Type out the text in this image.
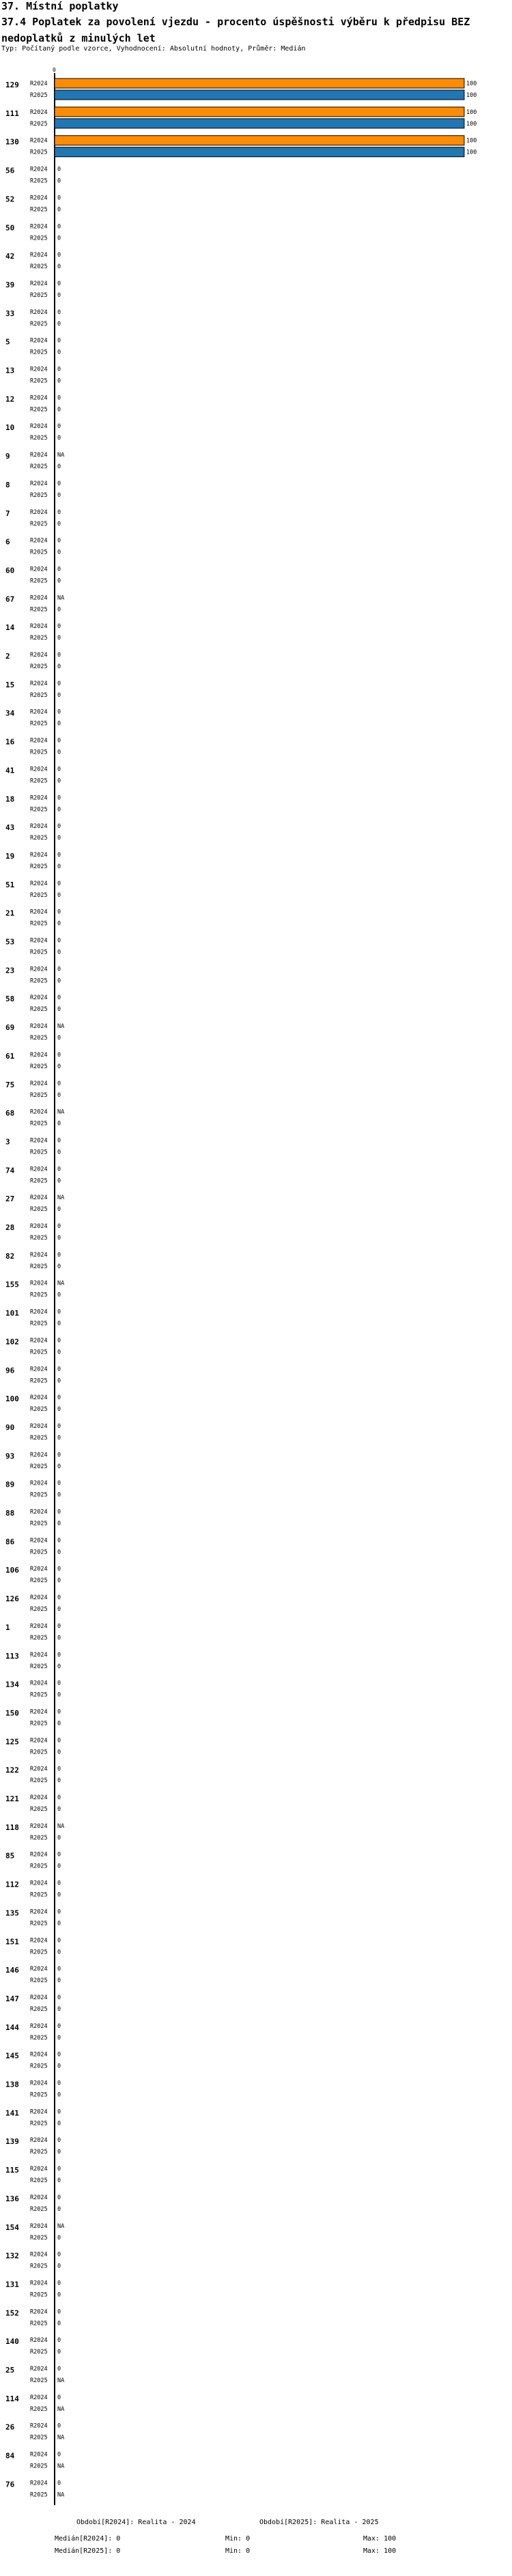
37. Místní poplatky
37.4 Poplatek za povolení vjezdu - procento úspěšnosti výběru k předpisu BEZ nedoplatků z minulých let
Typ: Počítaný podle vzorce, Vyhodnocení: Absolutní hodnoty, Průměr: Medián
0
129 R2024	100
R2025	100
111 R2024	100
R2025	100
130 R2024	100
R2025	100
56	R2024 0
R2025 0
52	R2024 0
R2025 0
50	R2024 0
R2025 0
42	R2024 0
R2025 0
39	R2024 0
R2025 0
33	R2024 0
R2025 0
5	R2024 0
R2025 0
13	R2024 0
R2025 0
12	R2024 0
R2025 0
10	R2024 0
R2025 0
9	R2024 NA
R2025 0
8	R2024 0
R2025 0
7	R2024 0
R2025 0
6	R2024 0
R2025 0
60	R2024 0
R2025 0
67	R2024 NA
R2025 0
14	R2024 0
R2025 0
2	R2024 0
R2025 0
15	R2024 0
R2025 0
34	R2024 0
R2025 0
16	R2024 0
R2025 0
41	R2024 0
R2025 0
18	R2024 0
R2025 0
43	R2024 0
R2025 0
19	R2024 0
R2025 0
51	R2024 0
R2025 0
21	R2024 0
R2025 0
53	R2024 0
R2025 0
23	R2024 0
R2025 0
58	R2024 0
R2025 0
69	R2024 NA
R2025 0
61	R2024 0
R2025 0
75	R2024 0
R2025 0
68	R2024 NA
R2025 0
3	R2024 0
R2025 0
74	R2024 0
R2025 0
27	R2024 NA
R2025 0
28	R2024 0
R2025 0
82	R2024 0
R2025 0
155 R2024 NA
R2025 0
101 R2024 0
R2025 0
102 R2024 0
R2025 0
96	R2024 0
R2025 0
100 R2024 0
R2025 0
90	R2024 0
R2025 0
93	R2024 0
R2025 0
89	R2024 0
R2025 0
88	R2024 0
R2025 0
86	R2024 0
R2025 0
106 R2024 0
R2025 0
126 R2024 0
R2025 0
1	R2024 0
R2025 0
113 R2024 0
R2025 0
134 R2024 0
R2025 0
150 R2024 0
R2025 0
125 R2024 0
R2025 0
122 R2024 0
R2025 0
121 R2024 0
R2025 0
118 R2024 NA
R2025 0
85	R2024 0
R2025 0
112 R2024 0
R2025 0
135 R2024 0
R2025 0
151 R2024 0
R2025 0
146 R2024 0
R2025 0
147 R2024 0
R2025 0
144 R2024 0
R2025 0
145 R2024 0
R2025 0
138 R2024 0
R2025 0
141 R2024 0
R2025 0
139 R2024 0
R2025 0
115 R2024 0
R2025 0
136 R2024 0
R2025 0
154 R2024 NA
R2025 0
132 R2024 0
R2025 0
131 R2024 0
R2025 0
152 R2024 0
R2025 0
140 R2024 0
R2025 0
25	R2024 0
R2025 NA
114 R2024 0
R2025 NA
26	R2024 0
R2025 NA
84	R2024 0
R2025 NA
76	R2024 0
R2025 NA
Období[R2024]: Realita - 2024	Období[R2025]: Realita - 2025
Medián[R2024]: 0	Min: 0	Max: 100
Medián[R2025]: 0	Min: 0	Max: 100
